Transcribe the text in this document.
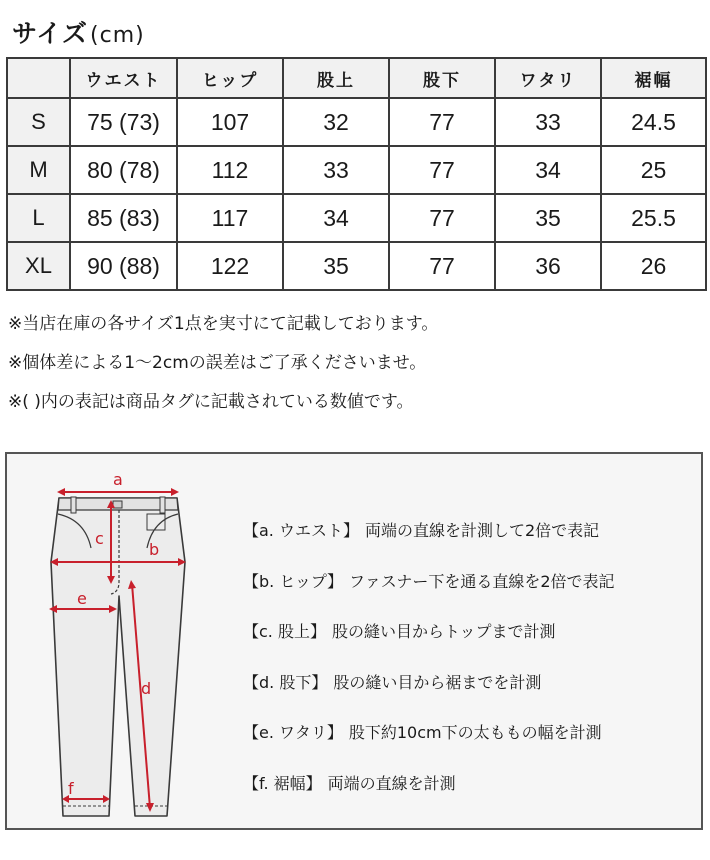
サイズ(cm)
	ウエスト	ヒップ	股上	股下	ワタリ	裾幅
S	75 (73)	107	32	77	33	24.5
M	80 (78)	112	33	77	34	25
L	85 (83)	117	34	77	35	25.5
XL	90 (88)	122	35	77	36	26
※当店在庫の各サイズ1点を実寸にて記載しております。
※個体差による1〜2cmの誤差はご了承くださいませ。
※( )内の表記は商品タグに記載されている数値です。
a
b
c
d
e
f
【a. ウエスト】 両端の直線を計測して2倍で表記
【b. ヒップ】 ファスナー下を通る直線を2倍で表記
【c. 股上】 股の縫い目からトップまで計測
【d. 股下】 股の縫い目から裾までを計測
【e. ワタリ】 股下約10cm下の太ももの幅を計測
【f. 裾幅】 両端の直線を計測
